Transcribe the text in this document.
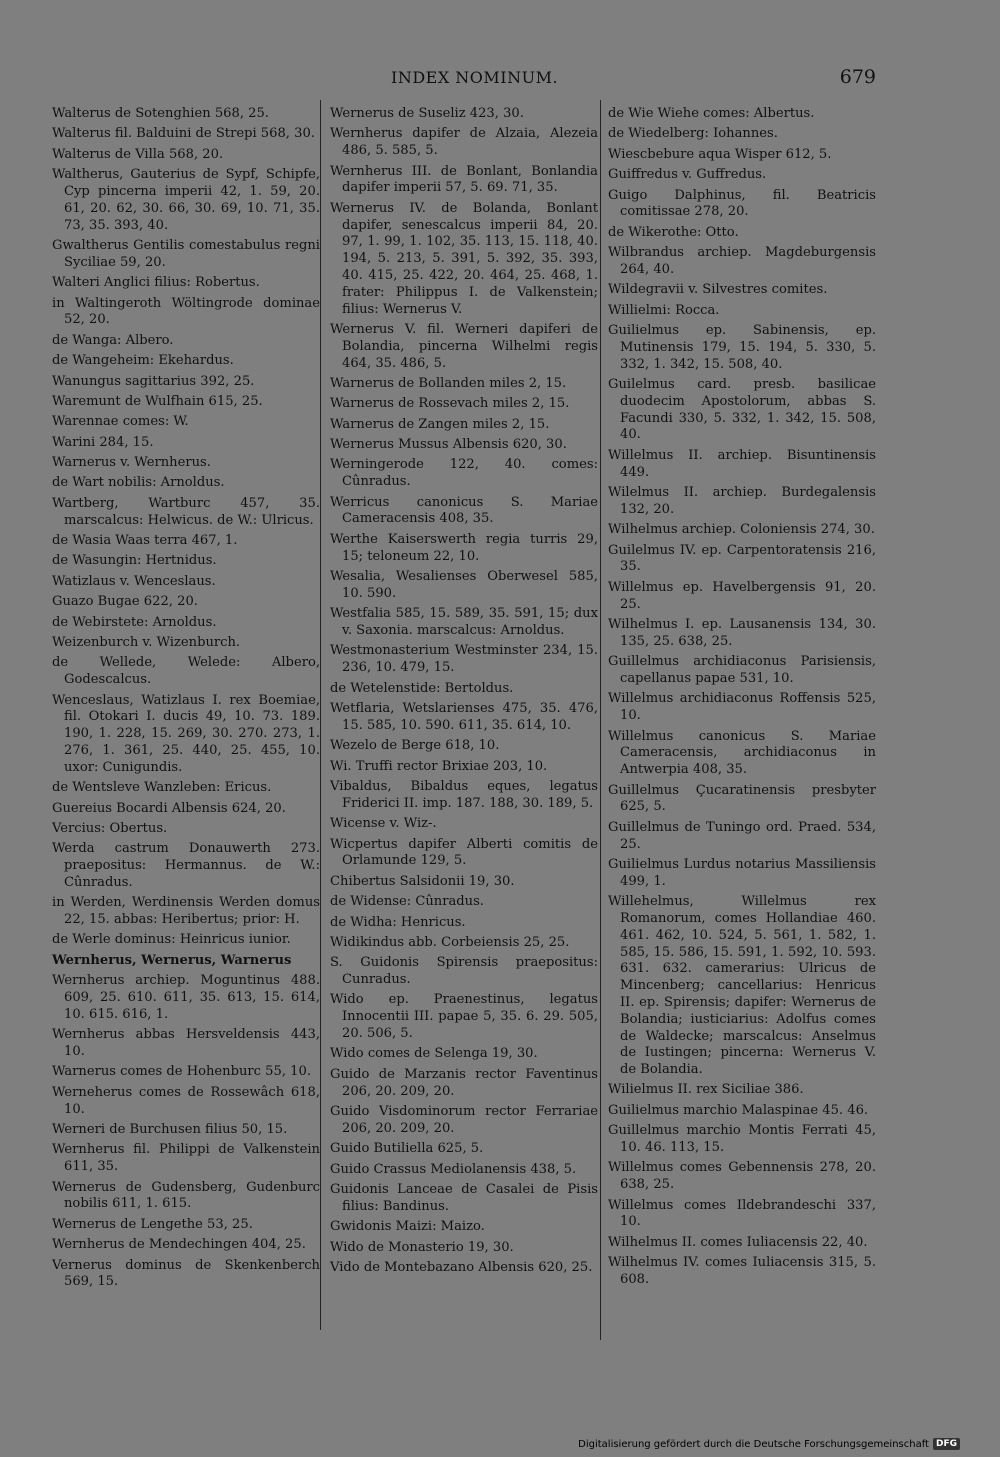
INDEX NOMINUM.	679
Walterus de Sotenghien 568, 25.
Walterus fil. Balduini de Strepi 568, 30.
Walterus de Villa 568, 20.
Waltherus, Gauterius de Sypf, Schipfe, Cyp pincerna imperii 42, 1. 59, 20. 61, 20. 62, 30. 66, 30. 69, 10. 71, 35. 73, 35. 393, 40.
Gwaltherus Gentilis comestabulus regni Syciliae 59, 20.
Walteri Anglici filius: Robertus.
in Waltingeroth Wöltingrode dominae 52, 20.
de Wanga: Albero.
de Wangeheim: Ekehardus.
Wanungus sagittarius 392, 25.
Waremunt de Wulfhain 615, 25.
Warennae comes: W.
Warini 284, 15.
Warnerus v. Wernherus.
de Wart nobilis: Arnoldus.
Wartberg, Wartburc 457, 35. marscalcus: Helwicus. de W.: Ulricus.
de Wasia Waas terra 467, 1.
de Wasungin: Hertnidus.
Watizlaus v. Wenceslaus.
Guazo Bugae 622, 20.
de Webirstete: Arnoldus.
Weizenburch v. Wizenburch.
de Wellede, Welede: Albero, Godescalcus.
Wenceslaus, Watizlaus I. rex Boemiae, fil. Otokari I. ducis 49, 10. 73. 189. 190, 1. 228, 15. 269, 30. 270. 273, 1. 276, 1. 361, 25. 440, 25. 455, 10. uxor: Cunigundis.
de Wentsleve Wanzleben: Ericus.
Guereius Bocardi Albensis 624, 20.
Vercius: Obertus.
Werda castrum Donauwerth 273. praepositus: Hermannus. de W.: Cûnradus.
in Werden, Werdinensis Werden domus 22, 15. abbas: Heribertus; prior: H.
de Werle dominus: Heinricus iunior.
Wernherus, Wernerus, Warnerus
Wernherus archiep. Moguntinus 488. 609, 25. 610. 611, 35. 613, 15. 614, 10. 615. 616, 1.
Wernherus abbas Hersveldensis 443, 10.
Warnerus comes de Hohenburc 55, 10.
Werneherus comes de Rossewâch 618, 10.
Werneri de Burchusen filius 50, 15.
Wernherus fil. Philippi de Valkenstein 611, 35.
Wernerus de Gudensberg, Gudenburc nobilis 611, 1. 615.
Wernerus de Lengethe 53, 25.
Wernherus de Mendechingen 404, 25.
Vernerus dominus de Skenkenberch 569, 15.
Wernerus de Suseliz 423, 30.
Wernherus dapifer de Alzaia, Alezeia 486, 5. 585, 5.
Wernherus III. de Bonlant, Bonlandia dapifer imperii 57, 5. 69. 71, 35.
Wernerus IV. de Bolanda, Bonlant dapifer, senescalcus imperii 84, 20. 97, 1. 99, 1. 102, 35. 113, 15. 118, 40. 194, 5. 213, 5. 391, 5. 392, 35. 393, 40. 415, 25. 422, 20. 464, 25. 468, 1. frater: Philippus I. de Valkenstein; filius: Wernerus V.
Wernerus V. fil. Werneri dapiferi de Bolandia, pincerna Wilhelmi regis 464, 35. 486, 5.
Warnerus de Bollanden miles 2, 15.
Warnerus de Rossevach miles 2, 15.
Warnerus de Zangen miles 2, 15.
Wernerus Mussus Albensis 620, 30.
Werningerode 122, 40. comes: Cûnradus.
Werricus canonicus S. Mariae Cameracensis 408, 35.
Werthe Kaiserswerth regia turris 29, 15; teloneum 22, 10.
Wesalia, Wesalienses Oberwesel 585, 10. 590.
Westfalia 585, 15. 589, 35. 591, 15; dux v. Saxonia. marscalcus: Arnoldus.
Westmonasterium Westminster 234, 15. 236, 10. 479, 15.
de Wetelenstide: Bertoldus.
Wetflaria, Wetslarienses 475, 35. 476, 15. 585, 10. 590. 611, 35. 614, 10.
Wezelo de Berge 618, 10.
Wi. Truffi rector Brixiae 203, 10.
Vibaldus, Bibaldus eques, legatus Friderici II. imp. 187. 188, 30. 189, 5.
Wicense v. Wiz-.
Wicpertus dapifer Alberti comitis de Orlamunde 129, 5.
Chibertus Salsidonii 19, 30.
de Widense: Cûnradus.
de Widha: Henricus.
Widikindus abb. Corbeiensis 25, 25.
S. Guidonis Spirensis praepositus: Cunradus.
Wido ep. Praenestinus, legatus Innocentii III. papae 5, 35. 6. 29. 505, 20. 506, 5.
Wido comes de Selenga 19, 30.
Guido de Marzanis rector Faventinus 206, 20. 209, 20.
Guido Visdominorum rector Ferrariae 206, 20. 209, 20.
Guido Butiliella 625, 5.
Guido Crassus Mediolanensis 438, 5.
Guidonis Lanceae de Casalei de Pisis filius: Bandinus.
Gwidonis Maizi: Maizo.
Wido de Monasterio 19, 30.
Vido de Montebazano Albensis 620, 25.
de Wie Wiehe comes: Albertus.
de Wiedelberg: Iohannes.
Wiescbebure aqua Wisper 612, 5.
Guiffredus v. Guffredus.
Guigo Dalphinus, fil. Beatricis comitissae 278, 20.
de Wikerothe: Otto.
Wilbrandus archiep. Magdeburgensis 264, 40.
Wildegravii v. Silvestres comites.
Willielmi: Rocca.
Guilielmus ep. Sabinensis, ep. Mutinensis 179, 15. 194, 5. 330, 5. 332, 1. 342, 15. 508, 40.
Guilelmus card. presb. basilicae duodecim Apostolorum, abbas S. Facundi 330, 5. 332, 1. 342, 15. 508, 40.
Willelmus II. archiep. Bisuntinensis 449.
Wilelmus II. archiep. Burdegalensis 132, 20.
Wilhelmus archiep. Coloniensis 274, 30.
Guilelmus IV. ep. Carpentoratensis 216, 35.
Willelmus ep. Havelbergensis 91, 20. 25.
Wilhelmus I. ep. Lausanensis 134, 30. 135, 25. 638, 25.
Guillelmus archidiaconus Parisiensis, capellanus papae 531, 10.
Willelmus archidiaconus Roffensis 525, 10.
Willelmus canonicus S. Mariae Cameracensis, archidiaconus in Antwerpia 408, 35.
Guillelmus Çucaratinensis presbyter 625, 5.
Guillelmus de Tuningo ord. Praed. 534, 25.
Guilielmus Lurdus notarius Massiliensis 499, 1.
Willehelmus, Willelmus rex Romanorum, comes Hollandiae 460. 461. 462, 10. 524, 5. 561, 1. 582, 1. 585, 15. 586, 15. 591, 1. 592, 10. 593. 631. 632. camerarius: Ulricus de Mincenberg; cancellarius: Henricus II. ep. Spirensis; dapifer: Wernerus de Bolandia; iusticiarius: Adolfus comes de Waldecke; marscalcus: Anselmus de Iustingen; pincerna: Wernerus V. de Bolandia.
Wilielmus II. rex Siciliae 386.
Guilielmus marchio Malaspinae 45. 46.
Guillelmus marchio Montis Ferrati 45, 10. 46. 113, 15.
Willelmus comes Gebennensis 278, 20. 638, 25.
Willelmus comes Ildebrandeschi 337, 10.
Wilhelmus II. comes Iuliacensis 22, 40.
Wilhelmus IV. comes Iuliacensis 315, 5. 608.
Digitalisierung gefördert durch die Deutsche Forschungsgemeinschaft DFG
